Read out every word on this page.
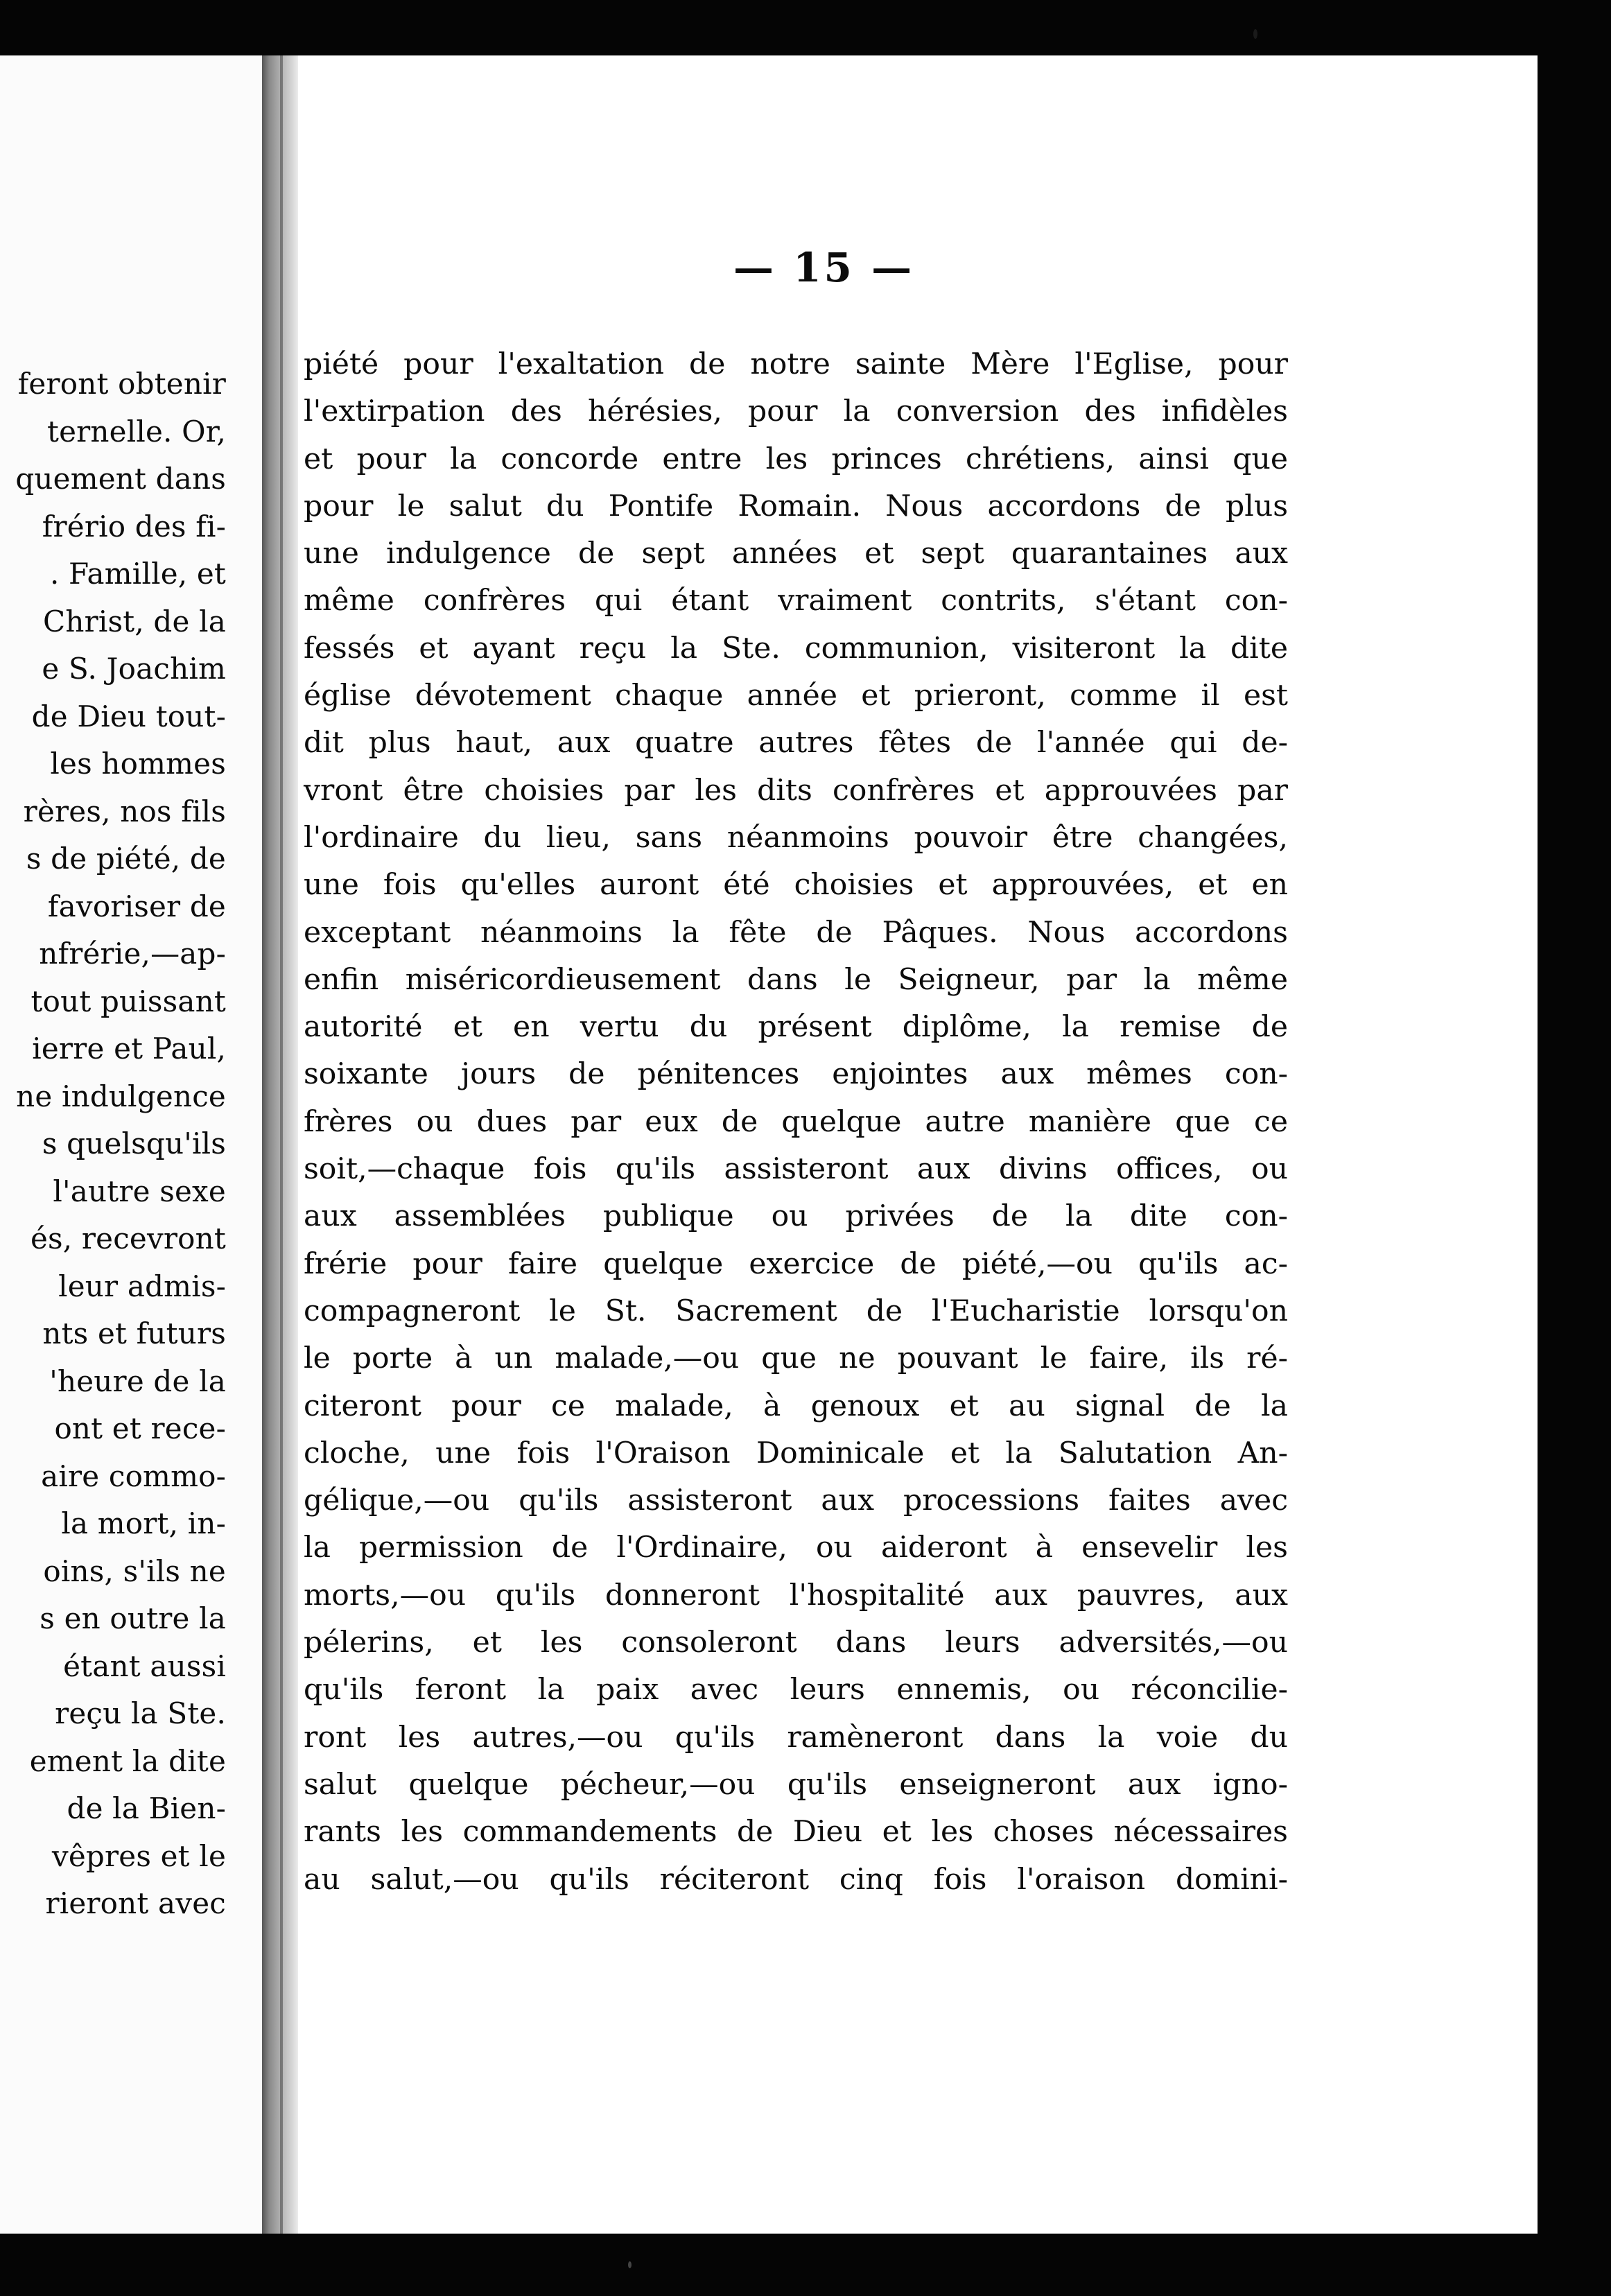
feront obtenir
ternelle. Or,
quement dans
frério des fi-
. Famille, et
Christ, de la
e S. Joachim
de Dieu tout-
les hommes
rères, nos fils
s de piété, de
favoriser de
nfrérie,—ap-
tout puissant
ierre et Paul,
ne indulgence
s quelsqu'ils
l'autre sexe
és, recevront
leur admis-
nts et futurs
'heure de la
ont et rece-
aire commo-
la mort, in-
oins, s'ils ne
s en outre la
étant aussi
reçu la Ste.
ement la dite
de la Bien-
vêpres et le
rieront avec
— 15 —
piété pour l'exaltation de notre sainte Mère l'Eglise, pour
l'extirpation des hérésies, pour la conversion des infidèles
et pour la concorde entre les princes chrétiens, ainsi que
pour le salut du Pontife Romain. Nous accordons de plus
une indulgence de sept années et sept quarantaines aux
même confrères qui étant vraiment contrits, s'étant con-
fessés et ayant reçu la Ste. communion, visiteront la dite
église dévotement chaque année et prieront, comme il est
dit plus haut, aux quatre autres fêtes de l'année qui de-
vront être choisies par les dits confrères et approuvées par
l'ordinaire du lieu, sans néanmoins pouvoir être changées,
une fois qu'elles auront été choisies et approuvées, et en
exceptant néanmoins la fête de Pâques. Nous accordons
enfin miséricordieusement dans le Seigneur, par la même
autorité et en vertu du présent diplôme, la remise de
soixante jours de pénitences enjointes aux mêmes con-
frères ou dues par eux de quelque autre manière que ce
soit,—chaque fois qu'ils assisteront aux divins offices, ou
aux assemblées publique ou privées de la dite con-
frérie pour faire quelque exercice de piété,—ou qu'ils ac-
compagneront le St. Sacrement de l'Eucharistie lorsqu'on
le porte à un malade,—ou que ne pouvant le faire, ils ré-
citeront pour ce malade, à genoux et au signal de la
cloche, une fois l'Oraison Dominicale et la Salutation An-
gélique,—ou qu'ils assisteront aux processions faites avec
la permission de l'Ordinaire, ou aideront à ensevelir les
morts,—ou qu'ils donneront l'hospitalité aux pauvres, aux
pélerins, et les consoleront dans leurs adversités,—ou
qu'ils feront la paix avec leurs ennemis, ou réconcilie-
ront les autres,—ou qu'ils ramèneront dans la voie du
salut quelque pécheur,—ou qu'ils enseigneront aux igno-
rants les commandements de Dieu et les choses nécessaires
au salut,—ou qu'ils réciteront cinq fois l'oraison domini-
